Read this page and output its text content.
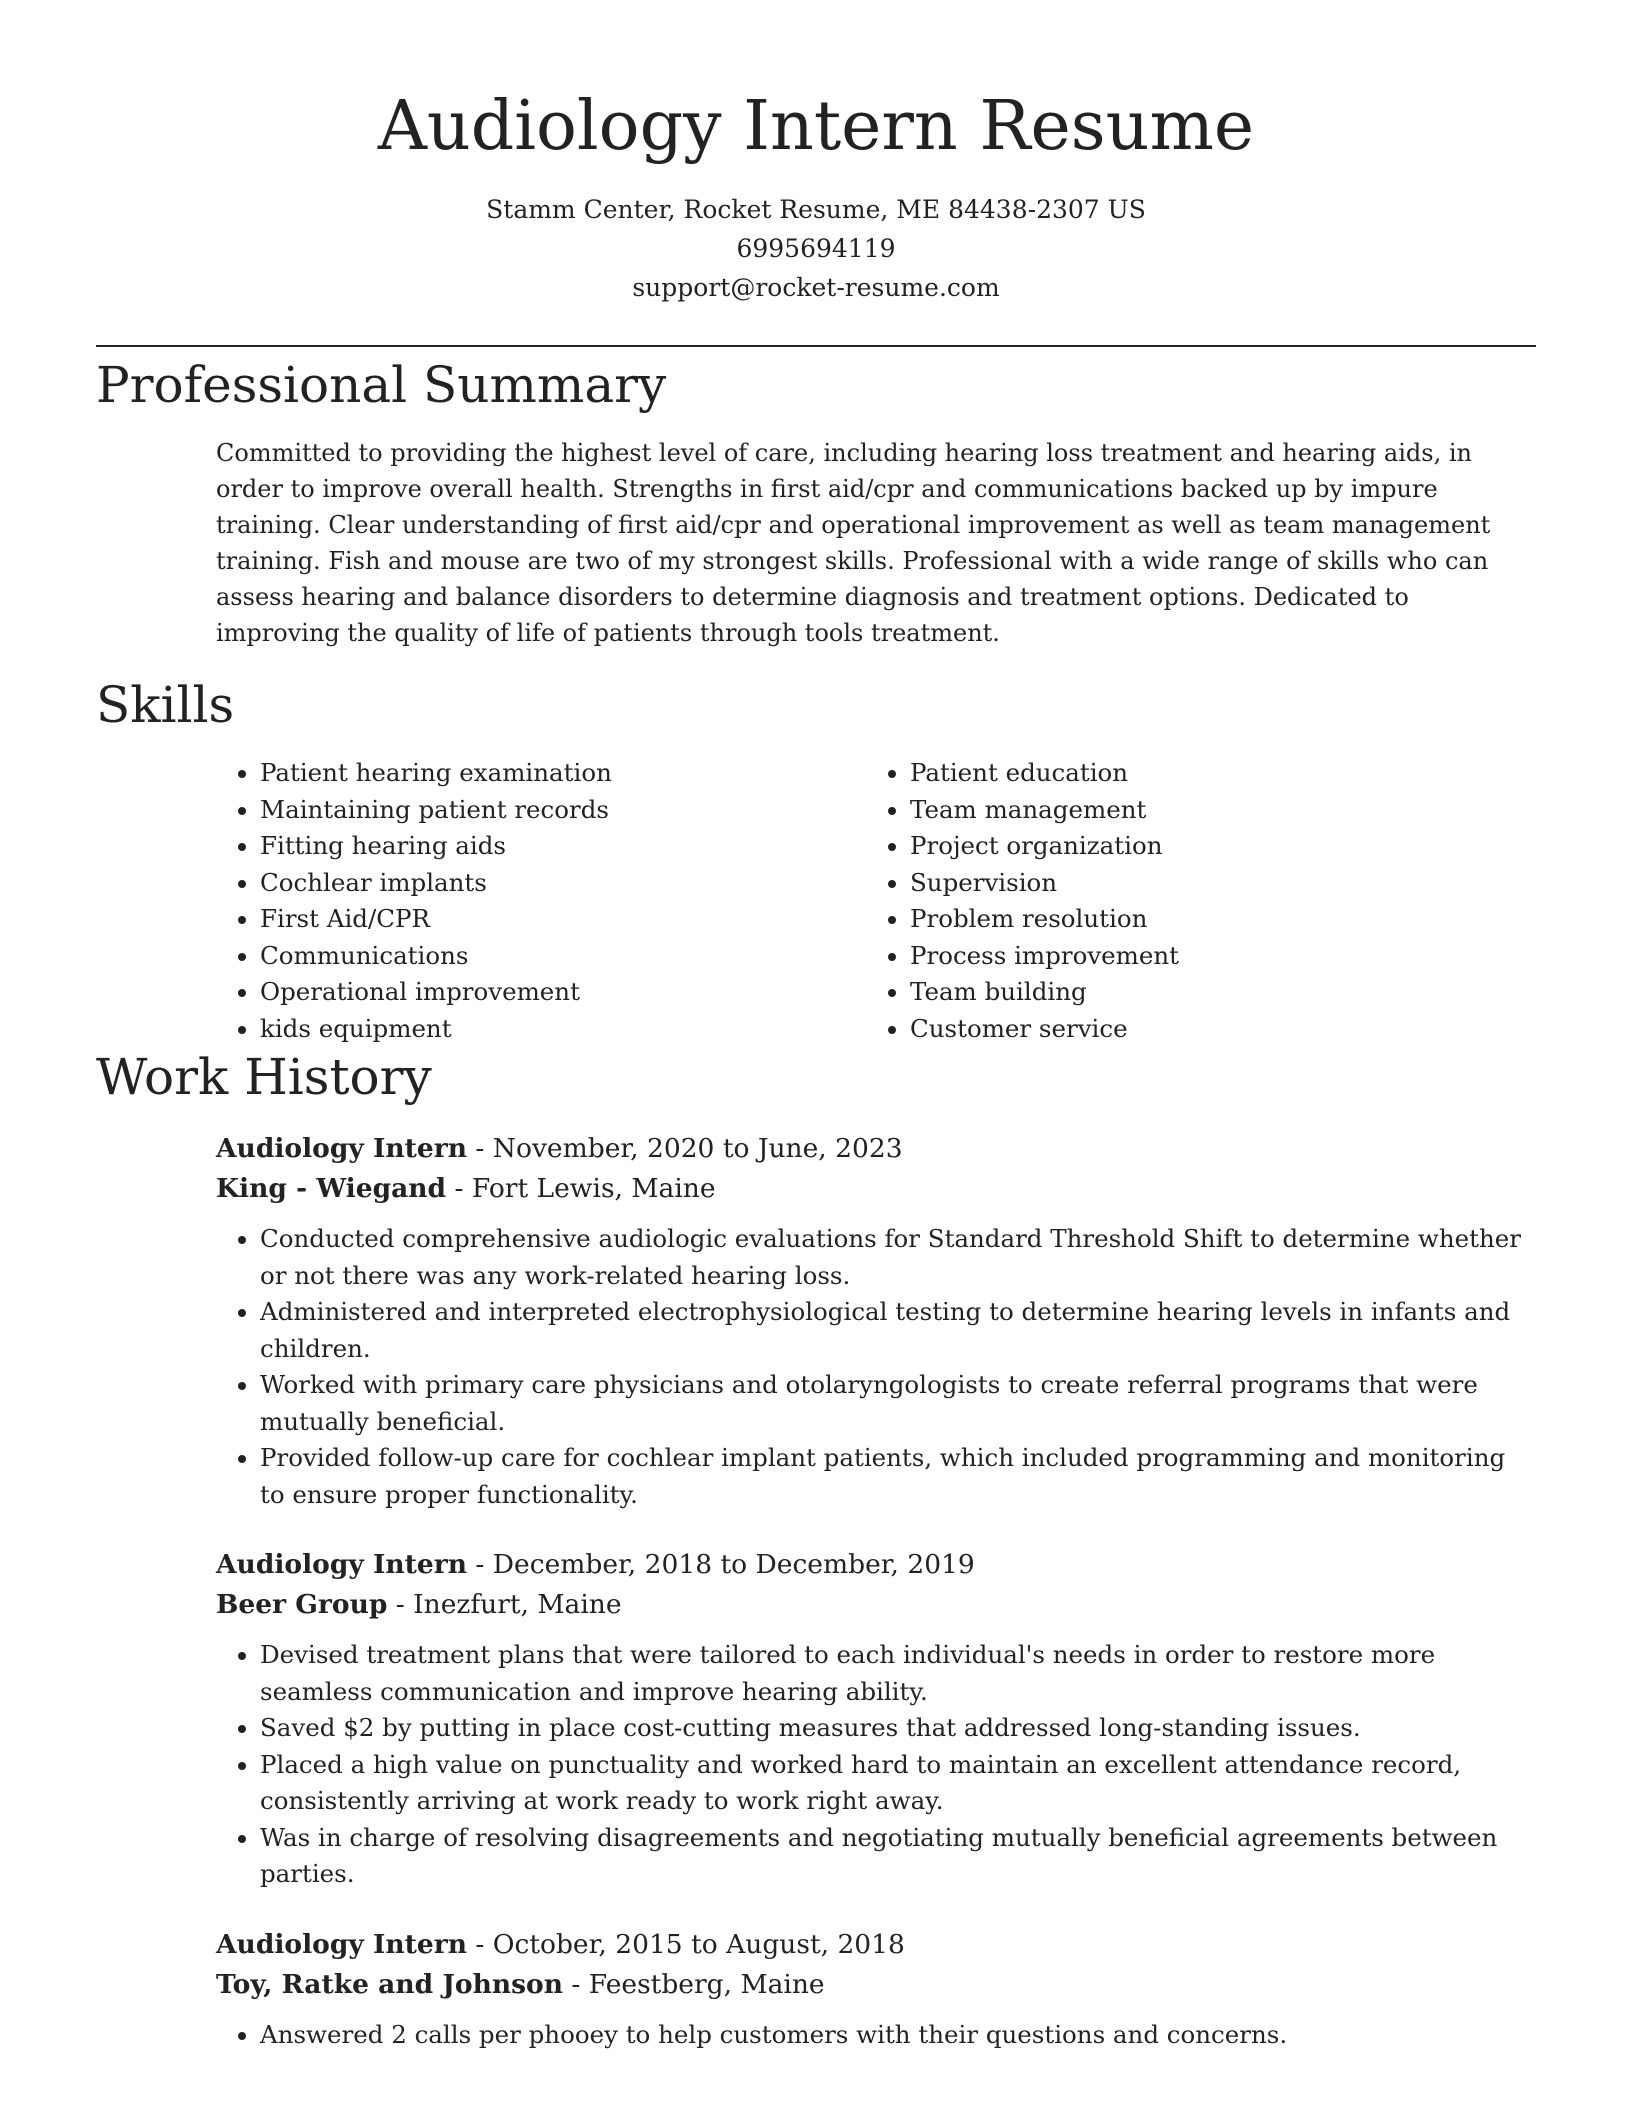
Audiology Intern Resume
Stamm Center, Rocket Resume, ME 84438-2307 US
6995694119
support@rocket-resume.com
Professional Summary

Committed to providing the highest level of care, including hearing loss treatment and hearing aids, in order to improve overall health. Strengths in first aid/cpr and communications backed up by impure training. Clear understanding of first aid/cpr and operational improvement as well as team management training. Fish and mouse are two of my strongest skills. Professional with a wide range of skills who can assess hearing and balance disorders to determine diagnosis and treatment options. Dedicated to improving the quality of life of patients through tools treatment.

Skills
• Patient hearing examination
• Maintaining patient records
• Fitting hearing aids
• Cochlear implants
• First Aid/CPR
• Communications
• Operational improvement
• kids equipment
• Patient education
• Team management
• Project organization
• Supervision
• Problem resolution
• Process improvement
• Team building
• Customer service
Work History
Audiology Intern - November, 2020 to June, 2023
King - Wiegand - Fort Lewis, Maine
• Conducted comprehensive audiologic evaluations for Standard Threshold Shift to determine whether or not there was any work-related hearing loss.
• Administered and interpreted electrophysiological testing to determine hearing levels in infants and children.
• Worked with primary care physicians and otolaryngologists to create referral programs that were mutually beneficial.
• Provided follow-up care for cochlear implant patients, which included programming and monitoring to ensure proper functionality.
Audiology Intern - December, 2018 to December, 2019
Beer Group - Inezfurt, Maine
• Devised treatment plans that were tailored to each individual's needs in order to restore more seamless communication and improve hearing ability.
• Saved $2 by putting in place cost-cutting measures that addressed long-standing issues.
• Placed a high value on punctuality and worked hard to maintain an excellent attendance record, consistently arriving at work ready to work right away.
• Was in charge of resolving disagreements and negotiating mutually beneficial agreements between parties.
Audiology Intern - October, 2015 to August, 2018
Toy, Ratke and Johnson - Feestberg, Maine
• Answered 2 calls per phooey to help customers with their questions and concerns.
